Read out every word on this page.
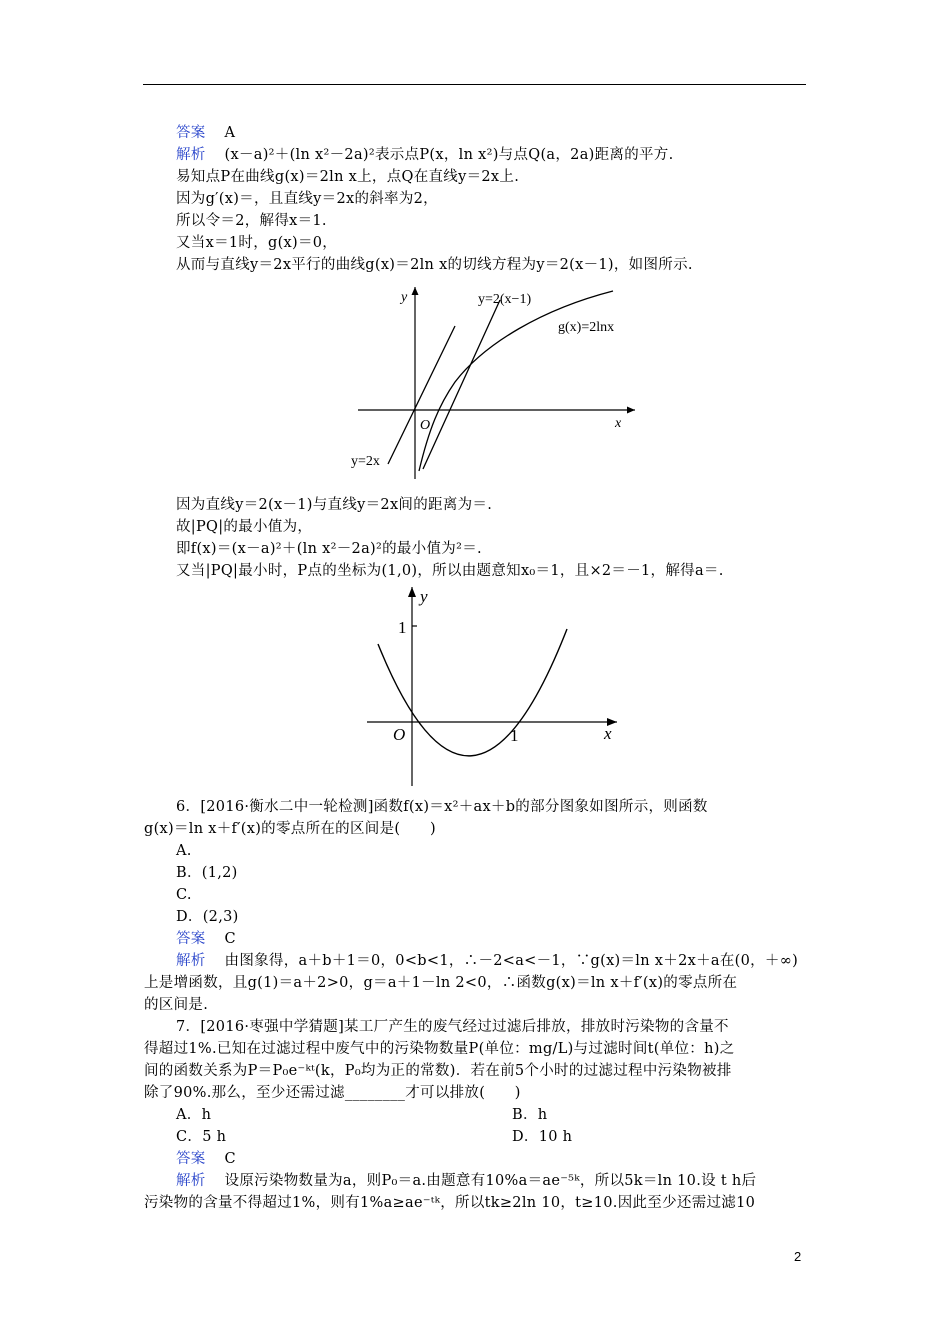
答案 A
解析 (x－a)²＋(ln x²－2a)²表示点P(x，ln x²)与点Q(a，2a)距离的平方.
易知点P在曲线g(x)＝2ln x上，点Q在直线y＝2x上.
因为g′(x)＝，且直线y＝2x的斜率为2，
所以令＝2，解得x＝1.
又当x＝1时，g(x)＝0，
从而与直线y＝2x平行的曲线g(x)＝2ln x的切线方程为y＝2(x－1)，如图所示.
y
x
O
y=2(x−1)
g(x)=2lnx
y=2x
因为直线y＝2(x－1)与直线y＝2x间的距离为＝.
故|PQ|的最小值为，
即f(x)＝(x－a)²＋(ln x²－2a)²的最小值为²＝.
又当|PQ|最小时，P点的坐标为(1,0)，所以由题意知x₀＝1，且×2＝－1，解得a＝.
y
x
O
1
1
6．[2016·衡水二中一轮检测]函数f(x)＝x²＋ax＋b的部分图象如图所示，则函数
g(x)＝ln x＋f′(x)的零点所在的区间是(　　)
A.
B．(1,2)
C.
D．(2,3)
答案 C
解析 由图象得，a＋b＋1＝0，0<b<1，∴－2<a<－1，∵g(x)＝ln x＋2x＋a在(0，＋∞)
上是增函数，且g(1)＝a＋2>0，g＝a＋1－ln 2<0，∴函数g(x)＝ln x＋f′(x)的零点所在
的区间是.
7．[2016·枣强中学猜题]某工厂产生的废气经过过滤后排放，排放时污染物的含量不
得超过1%.已知在过滤过程中废气中的污染物数量P(单位：mg/L)与过滤时间t(单位：h)之
间的函数关系为P＝P₀e⁻ᵏᵗ(k，P₀均为正的常数)．若在前5个小时的过滤过程中污染物被排
除了90%.那么，至少还需过滤________才可以排放(　　)
A．h	B．h
C．5 h	D．10 h
答案 C
解析 设原污染物数量为a，则P₀＝a.由题意有10%a＝ae⁻⁵ᵏ，所以5k＝ln 10.设 t h后
污染物的含量不得超过1%，则有1%a≥ae⁻ᵗᵏ，所以tk≥2ln 10，t≥10.因此至少还需过滤10
2
